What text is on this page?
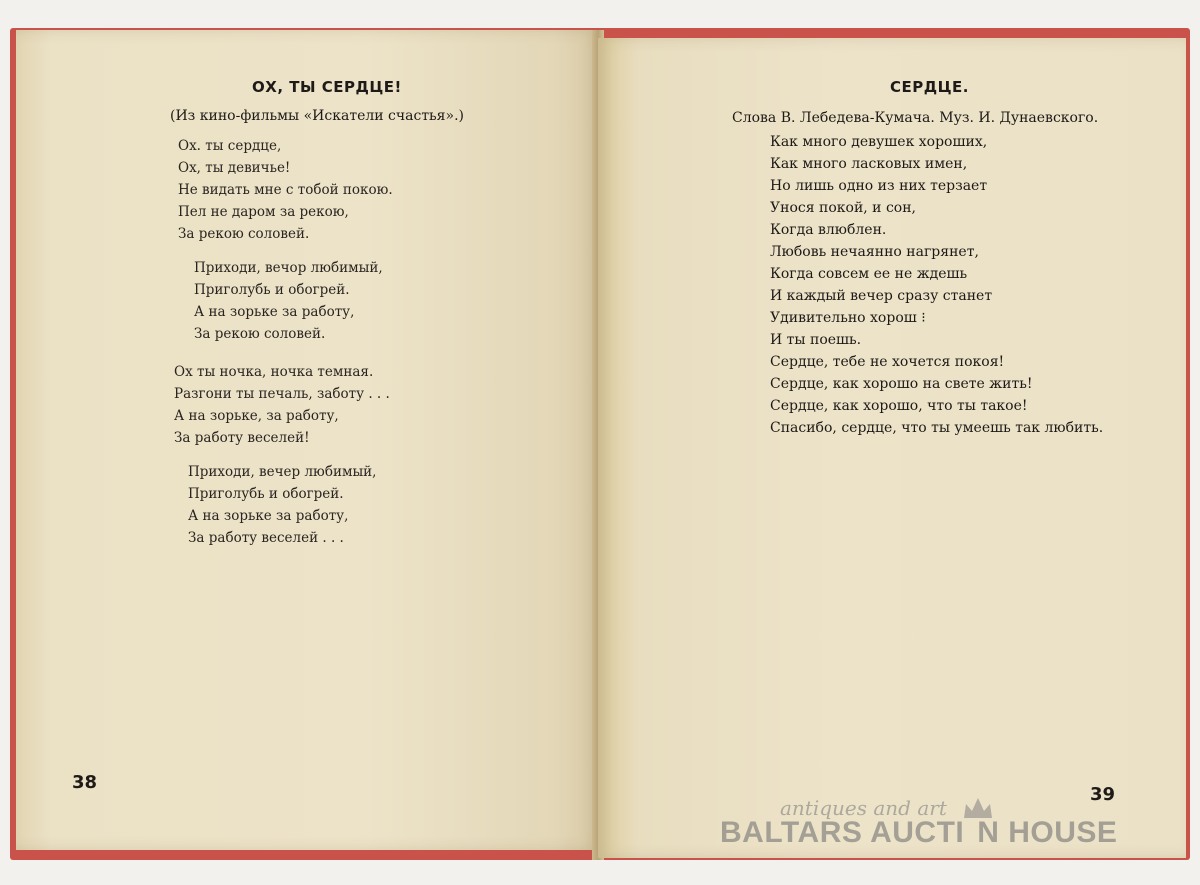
ОХ, ТЫ СЕРДЦЕ!
(Из кино-фильмы «Искатели счастья».)
Ох. ты сердце,
Ох, ты девичье!
Не видать мне с тобой покою.
Пел не даром за рекою,
За рекою соловей.
Приходи, вечор любимый,
Приголубь и обогрей.
А на зорьке за работу,
За рекою соловей.
Ох ты ночка, ночка темная.
Разгони ты печаль, заботу . . .
А на зорьке, за работу,
За работу веселей!
Приходи, вечер любимый,
Приголубь и обогрей.
А на зорьке за работу,
За работу веселей . . .
38
СЕРДЦЕ.
Слова В. Лебедева-Кумача. Муз. И. Дунаевского.
Как много девушек хороших,
Как много ласковых имен,
Но лишь одно из них терзает
Унося покой, и сон,
Когда влюблен.
Любовь нечаянно нагрянет,
Когда совсем ее не ждешь
И каждый вечер сразу станет
Удивительно хорош ⁝
И ты поешь.
Сердце, тебе не хочется покоя!
Сердце, как хорошо на свете жить!
Сердце, как хорошо, что ты такое!
Спасибо, сердце, что ты умеешь так любить.
39
antiques and art
BALTARS AUCTI  N HOUSE
